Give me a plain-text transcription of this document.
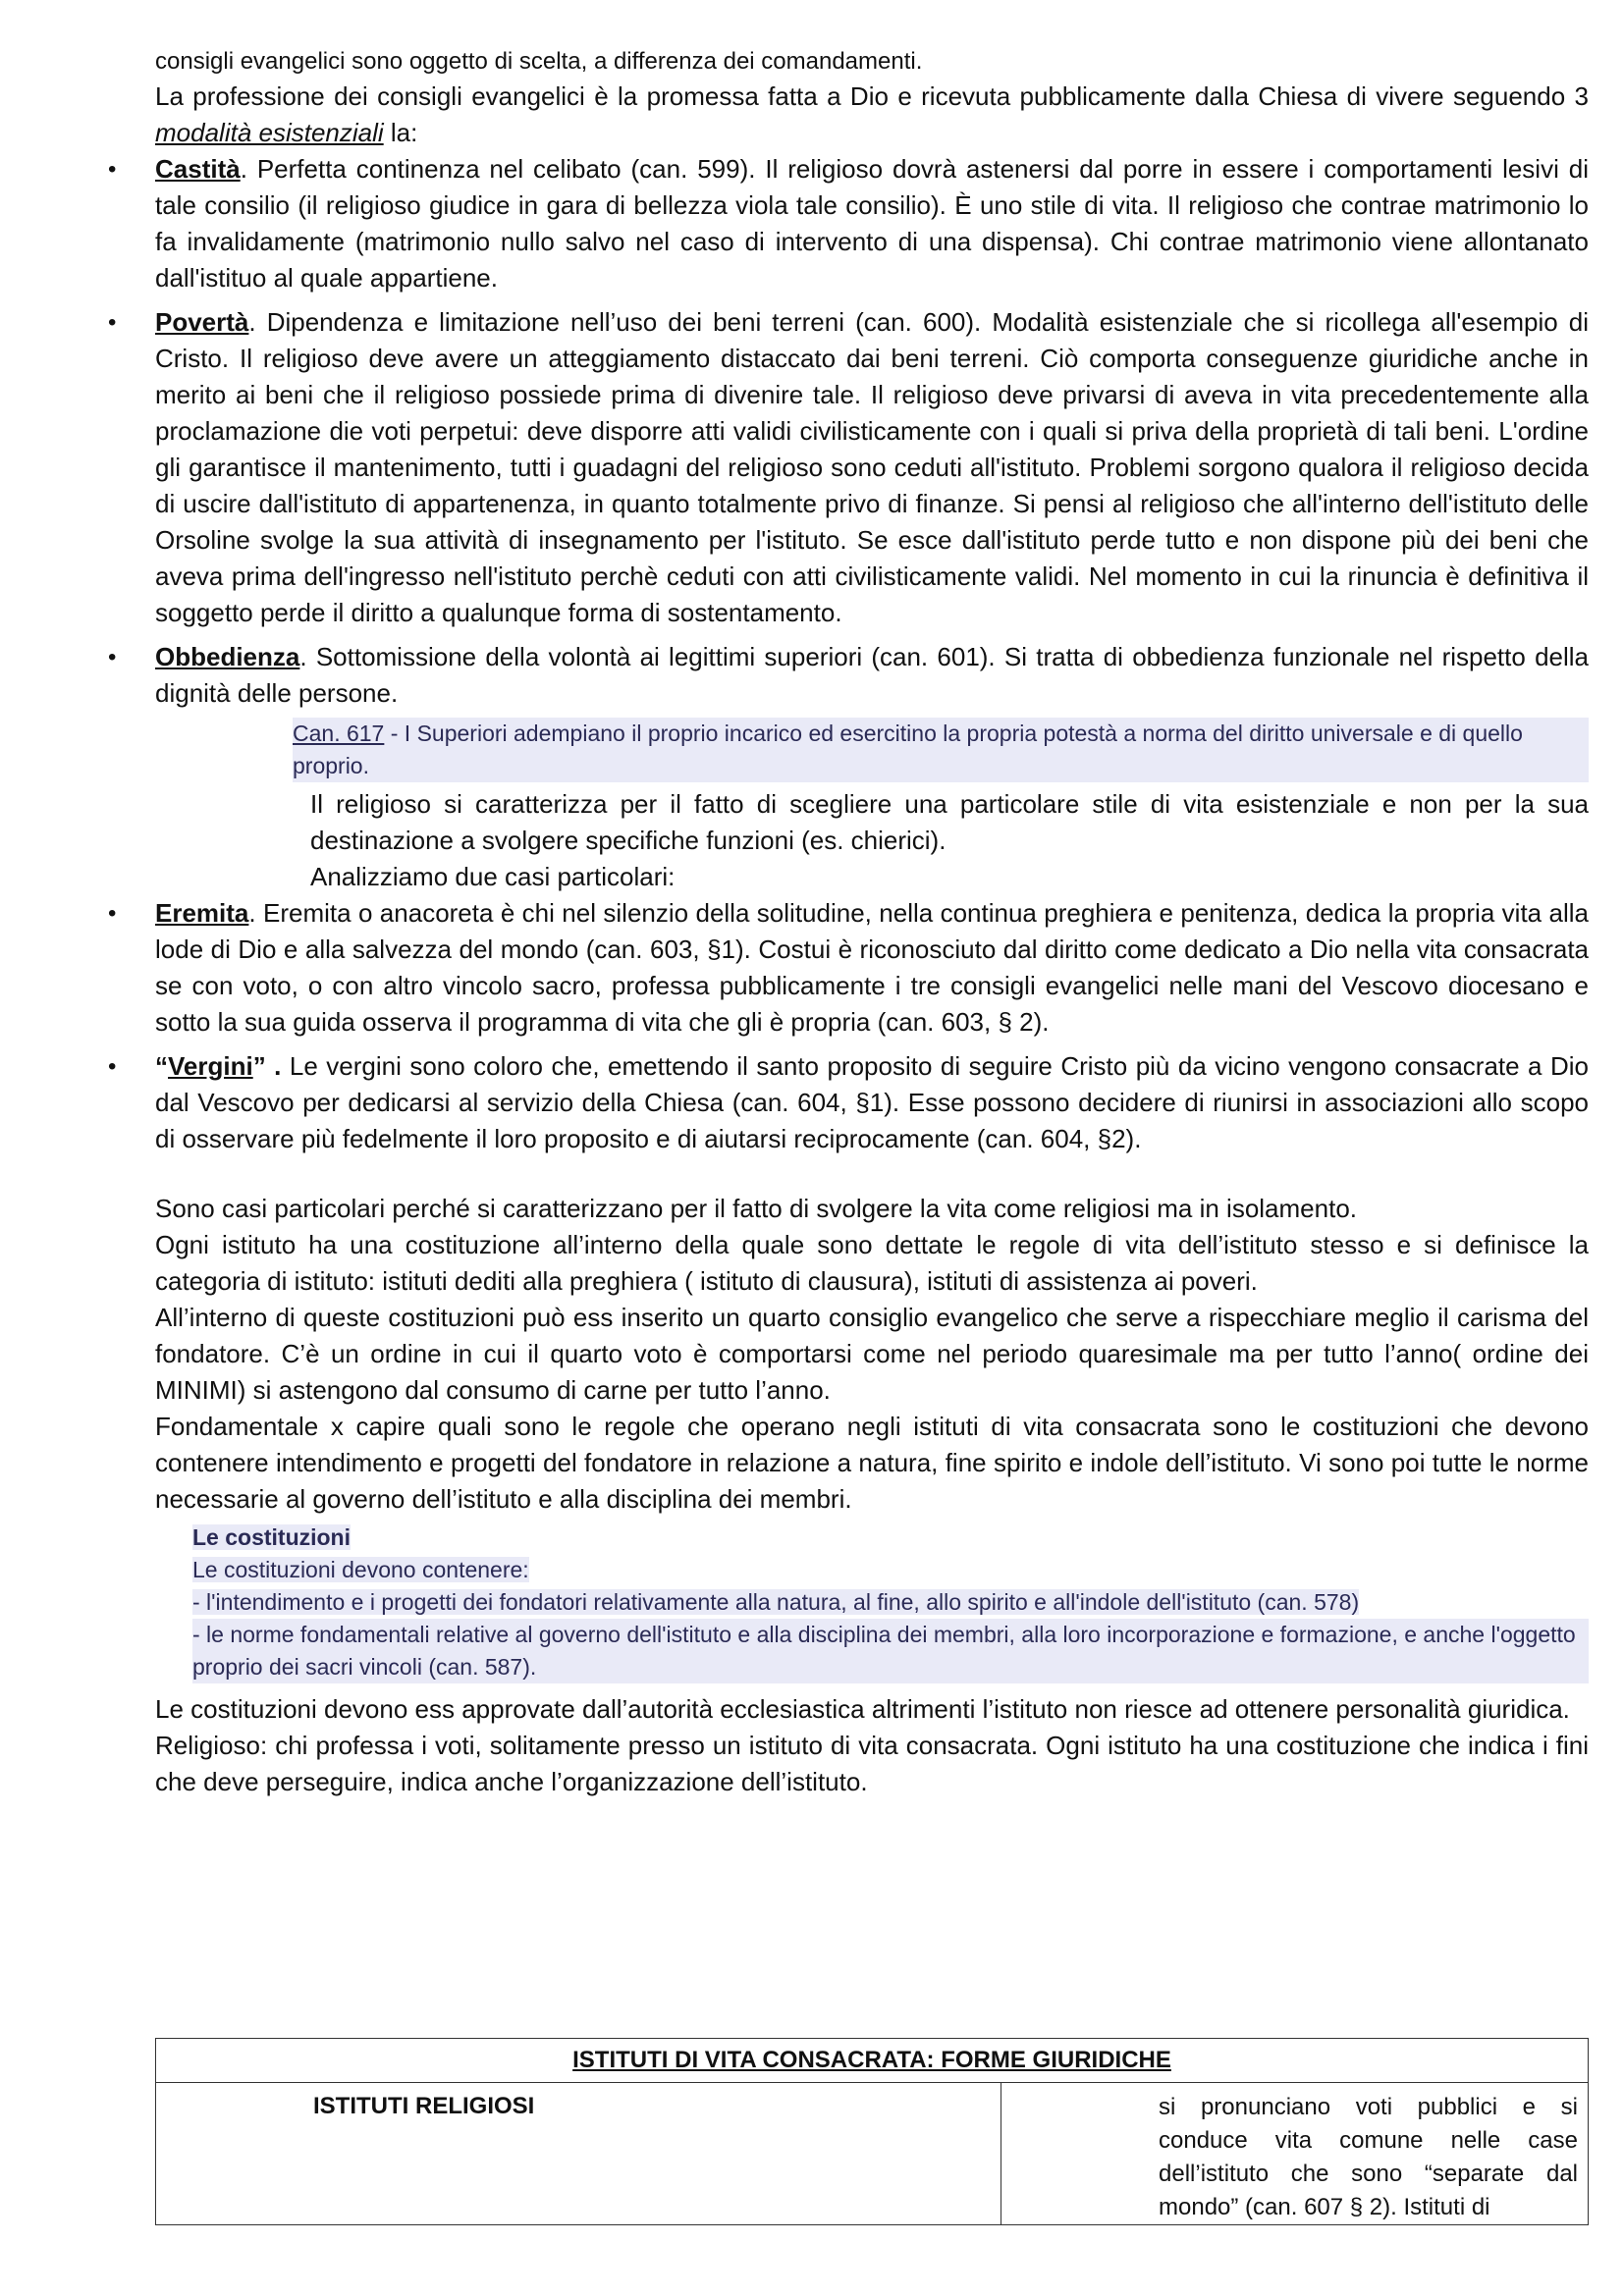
consigli evangelici sono oggetto di scelta, a differenza dei comandamenti.

La professione dei consigli evangelici è la promessa fatta a Dio e ricevuta pubblicamente dalla Chiesa di vivere seguendo 3 modalità esistenziali la:

• Castità. Perfetta continenza nel celibato (can. 599). Il religioso dovrà astenersi dal porre in essere i comportamenti lesivi di tale consilio (il religioso giudice in gara di bellezza viola tale consilio). È uno stile di vita. Il religioso che contrae matrimonio lo fa invalidamente (matrimonio nullo salvo nel caso di intervento di una dispensa). Chi contrae matrimonio viene allontanato dall'istituo al quale appartiene.
• Povertà. Dipendenza e limitazione nell’uso dei beni terreni (can. 600). Modalità esistenziale che si ricollega all'esempio di Cristo. Il religioso deve avere un atteggiamento distaccato dai beni terreni. Ciò comporta conseguenze giuridiche anche in merito ai beni che il religioso possiede prima di divenire tale. Il religioso deve privarsi di aveva in vita precedentemente alla proclamazione die voti perpetui: deve disporre atti validi civilisticamente con i quali si priva della proprietà di tali beni. L'ordine gli garantisce il mantenimento, tutti i guadagni del religioso sono ceduti all'istituto. Problemi sorgono qualora il religioso decida di uscire dall'istituto di appartenenza, in quanto totalmente privo di finanze. Si pensi al religioso che all'interno dell'istituto delle Orsoline svolge la sua attività di insegnamento per l'istituto. Se esce dall'istituto perde tutto e non dispone più dei beni che aveva prima dell'ingresso nell'istituto perchè ceduti con atti civilisticamente validi. Nel momento in cui la rinuncia è definitiva il soggetto perde il diritto a qualunque forma di sostentamento.
• Obbedienza. Sottomissione della volontà ai legittimi superiori (can. 601). Si tratta di obbedienza funzionale nel rispetto della dignità delle persone.
Can. 617 - I Superiori adempiano il proprio incarico ed esercitino la propria potestà a norma del diritto universale e di quello proprio.

Il religioso si caratterizza per il fatto di scegliere una particolare stile di vita esistenziale e non per la sua destinazione a svolgere specifiche funzioni (es. chierici).

Analizziamo due casi particolari:

• Eremita. Eremita o anacoreta è chi nel silenzio della solitudine, nella continua preghiera e penitenza, dedica la propria vita alla lode di Dio e alla salvezza del mondo (can. 603, §1). Costui è riconosciuto dal diritto come dedicato a Dio nella vita consacrata se con voto, o con altro vincolo sacro, professa pubblicamente i tre consigli evangelici nelle mani del Vescovo diocesano e sotto la sua guida osserva il programma di vita che gli è propria (can. 603, § 2).
• “Vergini” . Le vergini sono coloro che, emettendo il santo proposito di seguire Cristo più da vicino vengono consacrate a Dio dal Vescovo per dedicarsi al servizio della Chiesa (can. 604, §1). Esse possono decidere di riunirsi in associazioni allo scopo di osservare più fedelmente il loro proposito e di aiutarsi reciprocamente (can. 604, §2).

Sono casi particolari perché si caratterizzano per il fatto di svolgere la vita come religiosi ma in isolamento.

Ogni istituto ha una costituzione all’interno della quale sono dettate le regole di vita dell’istituto stesso e si definisce la categoria di istituto: istituti dediti alla preghiera ( istituto di clausura), istituti di assistenza ai poveri.

All’interno di queste costituzioni può ess inserito un quarto consiglio evangelico che serve a rispecchiare meglio il carisma del fondatore. C’è un ordine in cui il quarto voto è comportarsi come nel periodo quaresimale ma per tutto l’anno( ordine dei MINIMI) si astengono dal consumo di carne per tutto l’anno.

Fondamentale x capire quali sono le regole che operano negli istituti di vita consacrata sono le costituzioni che devono contenere intendimento e progetti del fondatore in relazione a natura, fine spirito e indole dell’istituto. Vi sono poi tutte le norme necessarie al governo dell’istituto e alla disciplina dei membri.

Le costituzioni
Le costituzioni devono contenere:
- l'intendimento e i progetti dei fondatori relativamente alla natura, al fine, allo spirito e all'indole dell'istituto (can. 578)
- le norme fondamentali relative al governo dell'istituto e alla disciplina dei membri, alla loro incorporazione e formazione, e anche l'oggetto proprio dei sacri vincoli (can. 587).

Le costituzioni devono ess approvate dall’autorità ecclesiastica altrimenti l’istituto non riesce ad ottenere personalità giuridica.

Religioso: chi professa i voti, solitamente presso un istituto di vita consacrata. Ogni istituto ha una costituzione che indica i fini che deve perseguire, indica anche l’organizzazione dell’istituto.

ISTITUTI DI VITA CONSACRATA: FORME GIURIDICHE
ISTITUTI RELIGIOSI	si pronunciano voti pubblici e si conduce vita comune nelle case dell’istituto che sono “separate dal mondo” (can. 607 § 2). Istituti di
